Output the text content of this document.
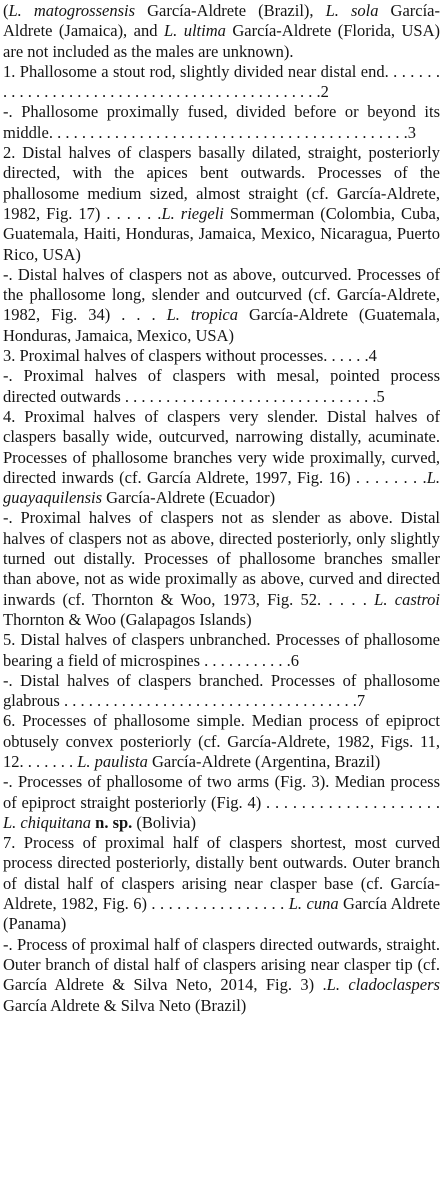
(L. matogrossensis García-Aldrete (Brazil), L. sola García-Aldrete (Jamaica), and L. ultima García-Aldrete (Florida, USA) are not included as the males are unknown).

1. Phallosome a stout rod, slightly divided near distal end. . . . . . . . . . . . . . . . . . . . . . . . . . . . . . . . . . . . . . . . . . . . . .2

-. Phallosome proximally fused, divided before or beyond its middle. . . . . . . . . . . . . . . . . . . . . . . . . . . . . . . . . . . . . . . . . . . .3

2. Distal halves of claspers basally dilated, straight, posteriorly directed, with the apices bent outwards. Processes of the phallosome medium sized, almost straight (cf. García-Aldrete, 1982, Fig. 17) . . . . . .L. riegeli Sommerman (Colombia, Cuba, Guatemala, Haiti, Honduras, Jamaica, Mexico, Nicaragua, Puerto Rico, USA)

-. Distal halves of claspers not as above, outcurved. Processes of the phallosome long, slender and outcurved (cf. García-Aldrete, 1982, Fig. 34) . . . L. tropica García-Aldrete (Guatemala, Honduras, Jamaica, Mexico, USA)

3. Proximal halves of claspers without processes. . . . . .4

-. Proximal halves of claspers with mesal, pointed process directed outwards . . . . . . . . . . . . . . . . . . . . . . . . . . . . . . .5

4. Proximal halves of claspers very slender. Distal halves of claspers basally wide, outcurved, narrowing distally, acuminate. Processes of phallosome branches very wide proximally, curved, directed inwards (cf. García Aldrete, 1997, Fig. 16) . . . . . . . .L. guayaquilensis García-Aldrete (Ecuador)

-. Proximal halves of claspers not as slender as above. Distal halves of claspers not as above, directed posteriorly, only slightly turned out distally. Processes of phallosome branches smaller than above, not as wide proximally as above, curved and directed inwards (cf. Thornton & Woo, 1973, Fig. 52. . . . . L. castroi Thornton & Woo (Galapagos Islands)

5. Distal halves of claspers unbranched. Processes of phallosome bearing a field of microspines . . . . . . . . . . .6

-. Distal halves of claspers branched. Processes of phallosome glabrous . . . . . . . . . . . . . . . . . . . . . . . . . . . . . . . . . . . .7

6. Processes of phallosome simple. Median process of epiproct obtusely convex posteriorly (cf. García-Aldrete, 1982, Figs. 11, 12. . . . . . . L. paulista García-Aldrete (Argentina, Brazil)

-. Processes of phallosome of two arms (Fig. 3). Median process of epiproct straight posteriorly (Fig. 4) . . . . . . . . . . . . . . . . . . . . L. chiquitana n. sp. (Bolivia)

7. Process of proximal half of claspers shortest, most curved process directed posteriorly, distally bent outwards. Outer branch of distal half of claspers arising near clasper base (cf. García-Aldrete, 1982, Fig. 6) . . . . . . . . . . . . . . . . L. cuna García Aldrete (Panama)

-. Process of proximal half of claspers directed outwards, straight. Outer branch of distal half of claspers arising near clasper tip (cf. García Aldrete & Silva Neto, 2014, Fig. 3) .L. cladoclaspers García Aldrete & Silva Neto (Brazil)
